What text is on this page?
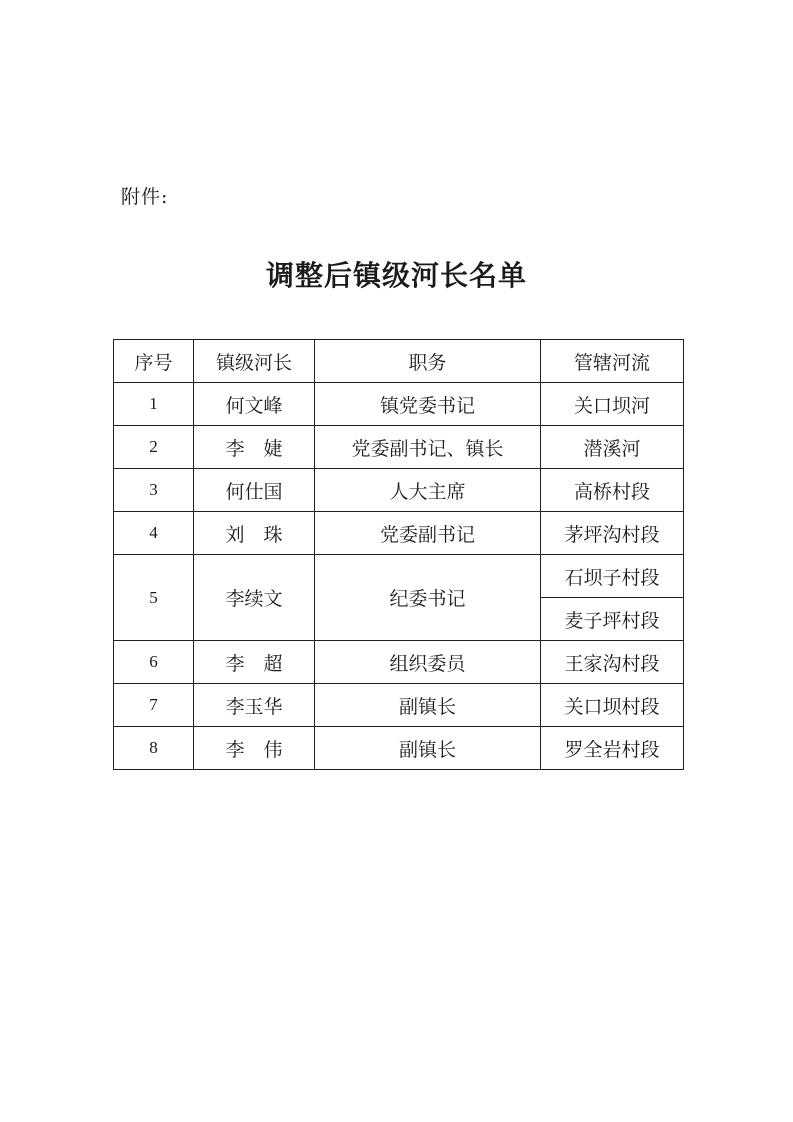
附件:
调整后镇级河长名单
序号	镇级河长	职务	管辖河流
1	何文峰	镇党委书记	关口坝河
2	李　婕	党委副书记、镇长	潜溪河
3	何仕国	人大主席	高桥村段
4	刘　珠	党委副书记	茅坪沟村段
5	李续文	纪委书记	石坝子村段
			麦子坪村段
6	李　超	组织委员	王家沟村段
7	李玉华	副镇长	关口坝村段
8	李　伟	副镇长	罗全岩村段
